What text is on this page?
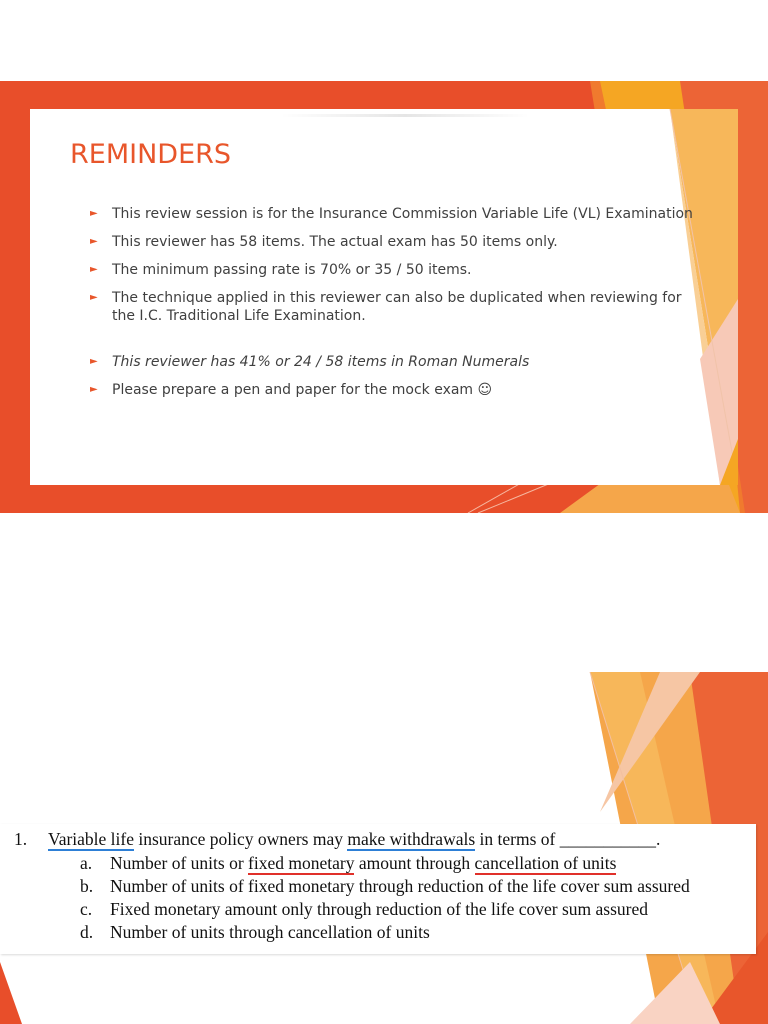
REMINDERS
► This review session is for the Insurance Commission Variable Life (VL) Examination
► This reviewer has 58 items. The actual exam has 50 items only.
► The minimum passing rate is 70% or 35 / 50 items.
► The technique applied in this reviewer can also be duplicated when reviewing for the I.C. Traditional Life Examination.
► This reviewer has 41% or 24 / 58 items in Roman Numerals
► Please prepare a pen and paper for the mock exam ☺
1. Variable life insurance policy owners may make withdrawals in terms of ___________.
a. Number of units or fixed monetary amount through cancellation of units
b. Number of units of fixed monetary through reduction of the life cover sum assured
c. Fixed monetary amount only through reduction of the life cover sum assured
d. Number of units through cancellation of units
